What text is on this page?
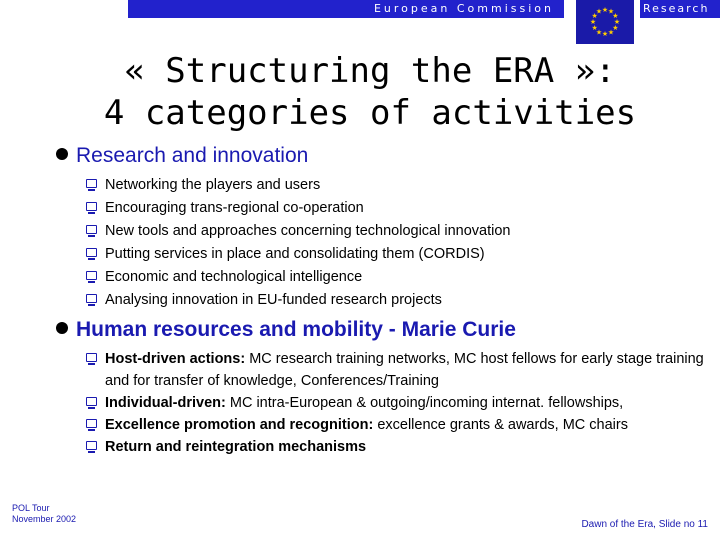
European Commission	★ ★
★
★
★
★
★
★
★
★
★
★	Research
« Structuring the ERA »:
4 categories of activities
Research and innovation
Networking the players and users
Encouraging trans-regional co-operation
New tools and approaches concerning technological innovation
Putting services in place and consolidating them (CORDIS)
Economic and technological intelligence
Analysing innovation in EU-funded research projects
Human resources and mobility - Marie Curie
Host-driven actions: MC research training networks, MC host fellows for early stage training and for transfer of knowledge, Conferences/Training
Individual-driven: MC intra-European & outgoing/incoming internat. fellowships,
Excellence promotion and recognition: excellence grants & awards, MC chairs
Return and reintegration mechanisms
POL Tour
November 2002	Dawn of the Era, Slide no 11
